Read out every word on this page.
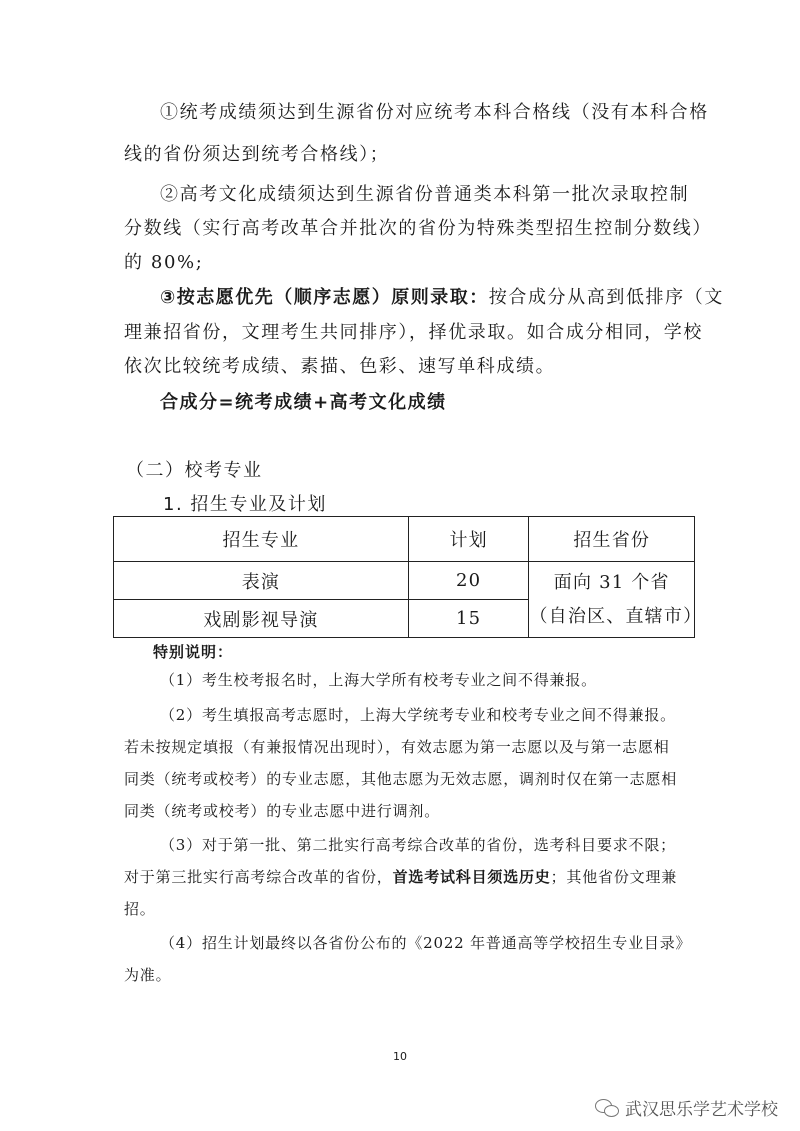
①统考成绩须达到生源省份对应统考本科合格线（没有本科合格

线的省份须达到统考合格线）；

②高考文化成绩须达到生源省份普通类本科第一批次录取控制

分数线（实行高考改革合并批次的省份为特殊类型招生控制分数线）

的 80%;

③按志愿优先（顺序志愿）原则录取：按合成分从高到低排序（文

理兼招省份，文理考生共同排序），择优录取。如合成分相同，学校

依次比较统考成绩、素描、色彩、速写单科成绩。

合成分=统考成绩+高考文化成绩

（二）校考专业

1. 招生专业及计划

招生专业	计划	招生省份
表演	20	面向 31 个省
（自治区、直辖市）

戏剧影视导演	15	

特别说明：

（1）考生校考报名时，上海大学所有校考专业之间不得兼报。

（2）考生填报高考志愿时，上海大学统考专业和校考专业之间不得兼报。

若未按规定填报（有兼报情况出现时），有效志愿为第一志愿以及与第一志愿相

同类（统考或校考）的专业志愿，其他志愿为无效志愿，调剂时仅在第一志愿相

同类（统考或校考）的专业志愿中进行调剂。

（3）对于第一批、第二批实行高考综合改革的省份，选考科目要求不限；

对于第三批实行高考综合改革的省份，首选考试科目须选历史；其他省份文理兼

招。

（4）招生计划最终以各省份公布的《2022 年普通高等学校招生专业目录》

为准。

10
武汉思乐学艺术学校
